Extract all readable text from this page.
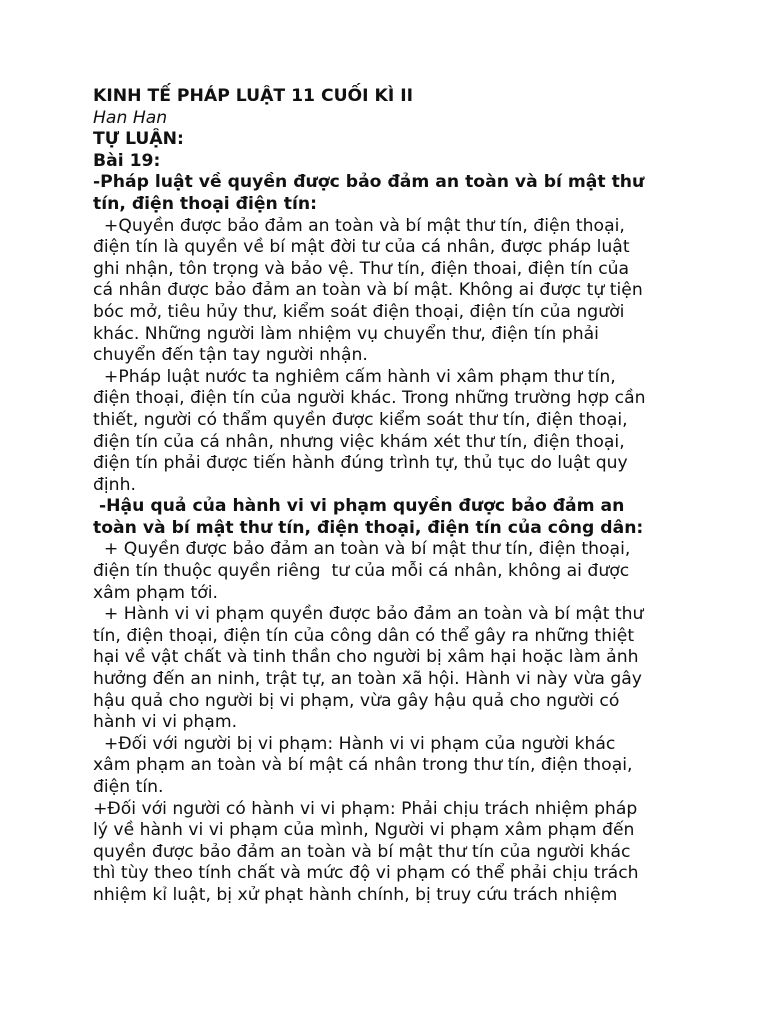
KINH TẾ PHÁP LUẬT 11 CUỐI KÌ II
Han Han
TỰ LUẬN:
Bài 19:
-Pháp luật về quyền được bảo đảm an toàn và bí mật thư
tín, điện thoại điện tín:
+Quyền được bảo đảm an toàn và bí mật thư tín, điện thoại,
điện tín là quyền về bí mật đời tư của cá nhân, được pháp luật
ghi nhận, tôn trọng và bảo vệ. Thư tín, điện thoai, điện tín của
cá nhân được bảo đảm an toàn và bí mật. Không ai được tự tiện
bóc mở, tiêu hủy thư, kiểm soát điện thoại, điện tín của người
khác. Những người làm nhiệm vụ chuyển thư, điện tín phải
chuyển đến tận tay người nhận.
+Pháp luật nước ta nghiêm cấm hành vi xâm phạm thư tín,
điện thoại, điện tín của người khác. Trong những trường hợp cần
thiết, người có thẩm quyền được kiểm soát thư tín, điện thoại,
điện tín của cá nhân, nhưng việc khám xét thư tín, điện thoại,
điện tín phải được tiến hành đúng trình tự, thủ tục do luật quy
định.
-Hậu quả của hành vi vi phạm quyền được bảo đảm an
toàn và bí mật thư tín, điện thoại, điện tín của công dân:
+ Quyền được bảo đảm an toàn và bí mật thư tín, điện thoại,
điện tín thuộc quyền riêng  tư của mỗi cá nhân, không ai được
xâm phạm tới.
+ Hành vi vi phạm quyền được bảo đảm an toàn và bí mật thư
tín, điện thoại, điện tín của công dân có thể gây ra những thiệt
hại về vật chất và tinh thần cho người bị xâm hại hoặc làm ảnh
hưởng đến an ninh, trật tự, an toàn xã hội. Hành vi này vừa gây
hậu quả cho người bị vi phạm, vừa gây hậu quả cho người có
hành vi vi phạm.
+Đối với người bị vi phạm: Hành vi vi phạm của người khác
xâm phạm an toàn và bí mật cá nhân trong thư tín, điện thoại,
điện tín.
+Đối với người có hành vi vi phạm: Phải chịu trách nhiệm pháp
lý về hành vi vi phạm của mình, Người vi phạm xâm phạm đến
quyền được bảo đảm an toàn và bí mật thư tín của người khác
thì tùy theo tính chất và mức độ vi phạm có thể phải chịu trách
nhiệm kỉ luật, bị xử phạt hành chính, bị truy cứu trách nhiệm
